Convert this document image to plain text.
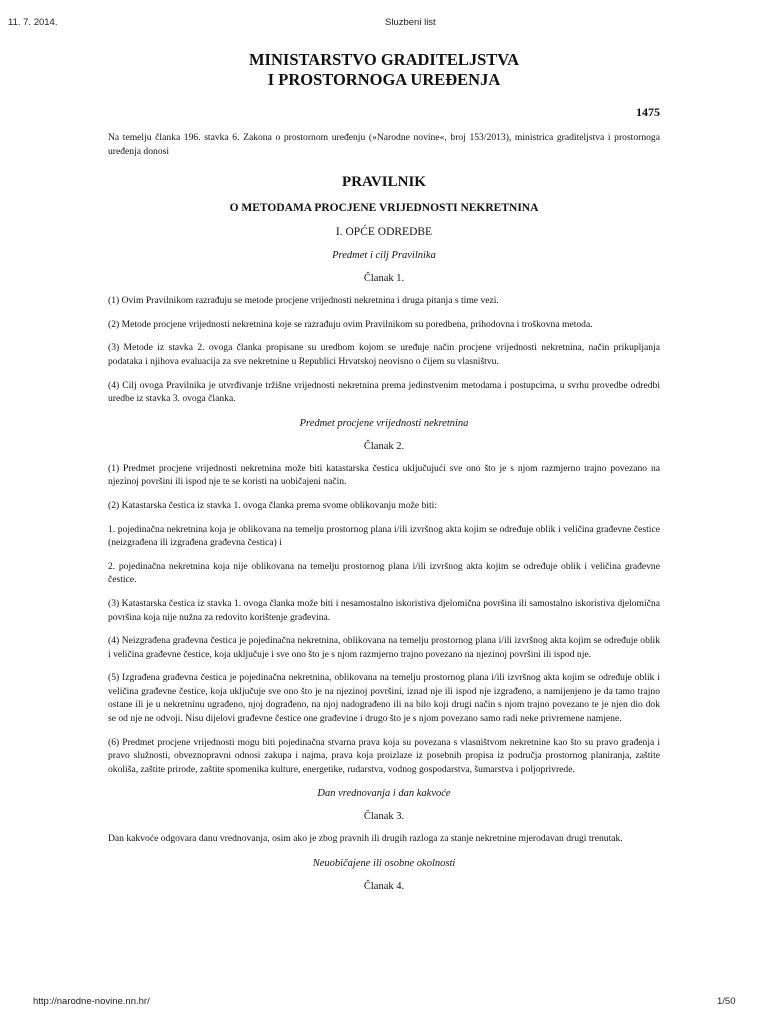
11. 7. 2014.	Sluzbeni list
MINISTARSTVO GRADITELJSTVA
I PROSTORNOGA UREĐENJA
1475

Na temelju članka 196. stavka 6. Zakona o prostornom uređenju (»Narodne novine«, broj 153/2013), ministrica graditeljstva i prostornoga uređenja donosi

PRAVILNIK
O METODAMA PROCJENE VRIJEDNOSTI NEKRETNINA
I. OPĆE ODREDBE
Predmet i cilj Pravilnika
Članak 1.

(1) Ovim Pravilnikom razrađuju se metode procjene vrijednosti nekretnina i druga pitanja s time vezi.

(2) Metode procjene vrijednosti nekretnina koje se razrađuju ovim Pravilnikom su poredbena, prihodovna i troškovna metoda.

(3) Metode iz stavka 2. ovoga članka propisane su uredbom kojom se uređuje način procjene vrijednosti nekretnina, način prikupljanja podataka i njihova evaluacija za sve nekretnine u Republici Hrvatskoj neovisno o čijem su vlasništvu.

(4) Cilj ovoga Pravilnika je utvrđivanje tržišne vrijednosti nekretnina prema jedinstvenim metodama i postupcima, u svrhu provedbe odredbi uredbe iz stavka 3. ovoga članka.

Predmet procjene vrijednosti nekretnina
Članak 2.

(1) Predmet procjene vrijednosti nekretnina može biti katastarska čestica uključujući sve ono što je s njom razmjerno trajno povezano na njezinoj površini ili ispod nje te se koristi na uobičajeni način.

(2) Katastarska čestica iz stavka 1. ovoga članka prema svome oblikovanju može biti:

1. pojedinačna nekretnina koja je oblikovana na temelju prostornog plana i/ili izvršnog akta kojim se određuje oblik i veličina građevne čestice (neizgrađena ili izgrađena građevna čestica) i

2. pojedinačna nekretnina koja nije oblikovana na temelju prostornog plana i/ili izvršnog akta kojim se određuje oblik i veličina građevne čestice.

(3) Katastarska čestica iz stavka 1. ovoga članka može biti i nesamostalno iskoristiva djelomična površina ili samostalno iskoristiva djelomična površina koja nije nužna za redovito korištenje građevina.

(4) Neizgrađena građevna čestica je pojedinačna nekretnina, oblikovana na temelju prostornog plana i/ili izvršnog akta kojim se određuje oblik i veličina građevne čestice, koja uključuje i sve ono što je s njom razmjerno trajno povezano na njezinoj površini ili ispod nje.

(5) Izgrađena građevna čestica je pojedinačna nekretnina, oblikovana na temelju prostornog plana i/ili izvršnog akta kojim se određuje oblik i veličina građevne čestice, koja uključuje sve ono što je na njezinoj površini, iznad nje ili ispod nje izgrađeno, a namijenjeno je da tamo trajno ostane ili je u nekretninu ugrađeno, njoj dograđeno, na njoj nadograđeno ili na bilo koji drugi način s njom trajno povezano te je njen dio dok se od nje ne odvoji. Nisu dijelovi građevne čestice one građevine i drugo što je s njom povezano samo radi neke privremene namjene.

(6) Predmet procjene vrijednosti mogu biti pojedinačna stvarna prava koja su povezana s vlasništvom nekretnine kao što su pravo građenja i pravo služnosti, obveznopravni odnosi zakupa i najma, prava koja proizlaze iz posebnih propisa iz područja prostornog planiranja, zaštite okoliša, zaštite prirode, zaštite spomenika kulture, energetike, rudarstva, vodnog gospodarstva, šumarstva i poljoprivrede.

Dan vrednovanja i dan kakvoće
Članak 3.

Dan kakvoće odgovara danu vrednovanja, osim ako je zbog pravnih ili drugih razloga za stanje nekretnine mjerodavan drugi trenutak.

Neuobičajene ili osobne okolnosti
Članak 4.
http://narodne-novine.nn.hr/	1/50
